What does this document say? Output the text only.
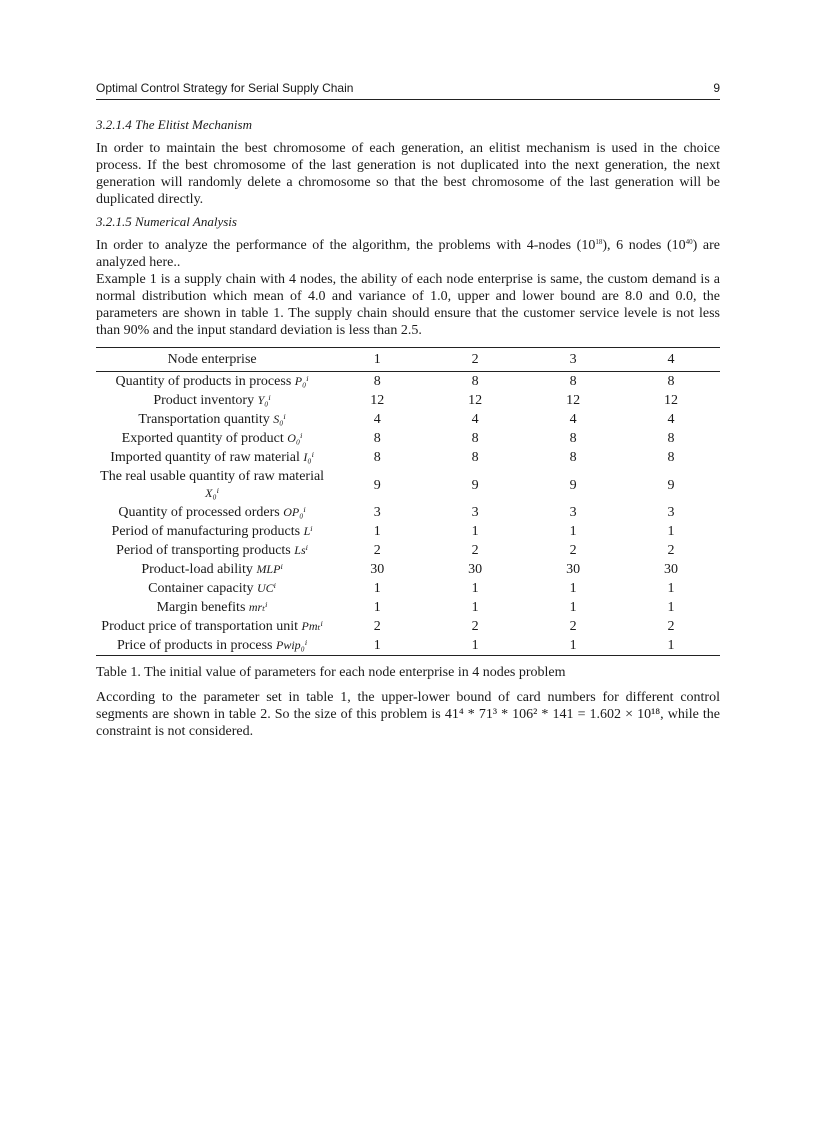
Optimal Control Strategy for Serial Supply Chain	9
3.2.1.4 The Elitist Mechanism

In order to maintain the best chromosome of each generation, an elitist mechanism is used in the choice process. If the best chromosome of the last generation is not duplicated into the next generation, the next generation will randomly delete a chromosome so that the best chromosome of the last generation will be duplicated directly.

3.2.1.5 Numerical Analysis

In order to analyze the performance of the algorithm, the problems with 4-nodes $(10^{18})$, 6 nodes $(10^{40})$ are analyzed here..

Example 1 is a supply chain with 4 nodes, the ability of each node enterprise is same, the custom demand is a normal distribution which mean of 4.0 and variance of 1.0, upper and lower bound are 8.0 and 0.0, the parameters are shown in table 1. The supply chain should ensure that the customer service levele is not less than 90% and the input standard deviation is less than 2.5.

Node enterprise	1	2	3	4
Quantity of products in process P₀ⁱ	8	8	8	8
Product inventory Y₀ⁱ	12	12	12	12
Transportation quantity S₀ⁱ	4	4	4	4
Exported quantity of product O₀ⁱ	8	8	8	8
Imported quantity of raw material I₀ⁱ	8	8	8	8
The real usable quantity of raw material X₀ⁱ	9	9	9	9
Quantity of processed orders OP₀ⁱ	3	3	3	3
Period of manufacturing products Lⁱ	1	1	1	1
Period of transporting products Lsⁱ	2	2	2	2
Product-load ability MLPⁱ	30	30	30	30
Container capacity UCⁱ	1	1	1	1
Margin benefits mrₜⁱ	1	1	1	1
Product price of transportation unit Pmₜⁱ	2	2	2	2
Price of products in process Pwip₀ⁱ	1	1	1	1
Table 1. The initial value of parameters for each node enterprise in 4 nodes problem

According to the parameter set in table 1, the upper-lower bound of card numbers for different control segments are shown in table 2. So the size of this problem is 41⁴ * 71³ * 106² * 141 = 1.602 × 10¹⁸, while the constraint is not considered.
